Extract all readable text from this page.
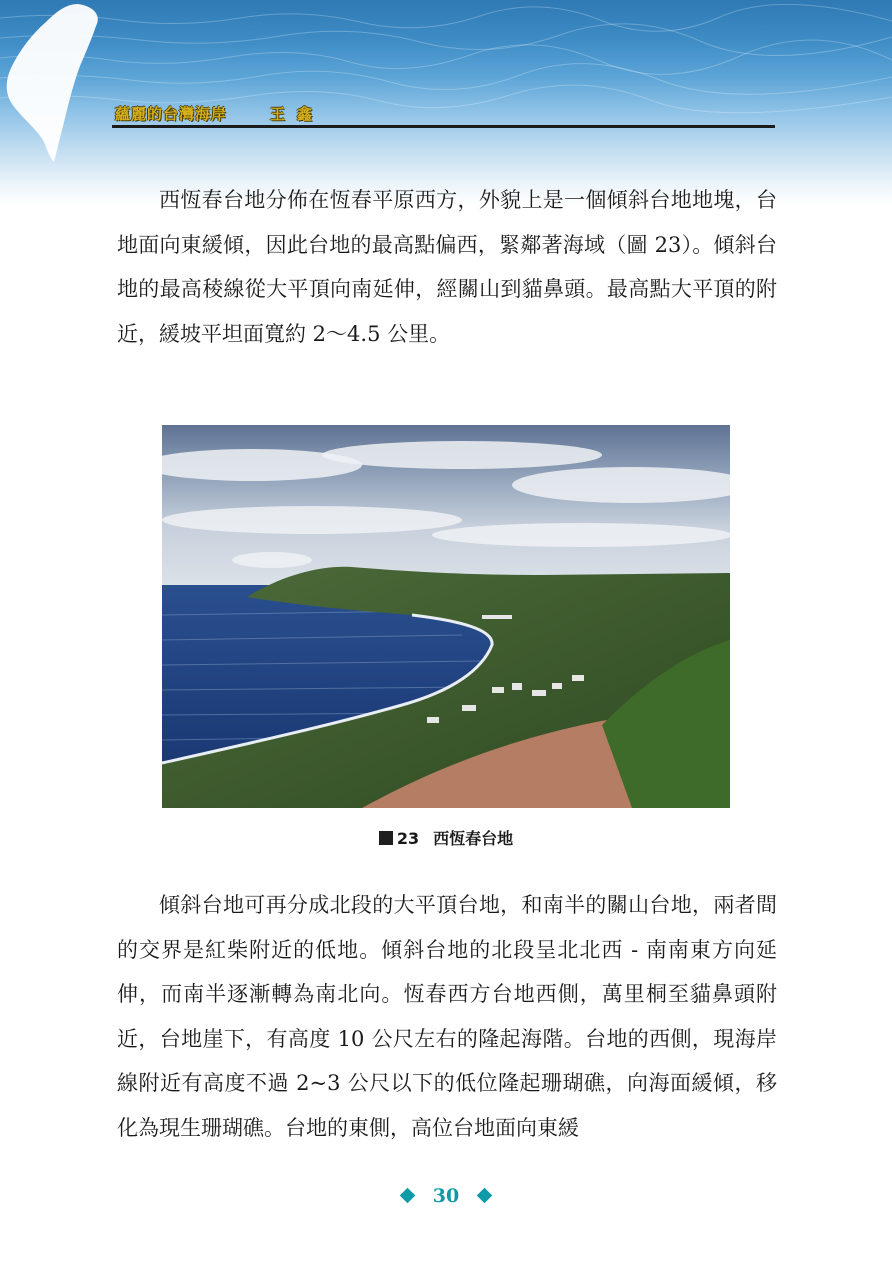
蘊麗的台灣海岸	王鑫

西恆春台地分佈在恆春平原西方，外貌上是一個傾斜台地地塊，台地面向東緩傾，因此台地的最高點偏西，緊鄰著海域（圖 23）。傾斜台地的最高稜線從大平頂向南延伸，經關山到貓鼻頭。最高點大平頂的附近，緩坡平坦面寬約 2～4.5 公里。

23 西恆春台地

傾斜台地可再分成北段的大平頂台地，和南半的關山台地，兩者間的交界是紅柴附近的低地。傾斜台地的北段呈北北西 - 南南東方向延伸，而南半逐漸轉為南北向。恆春西方台地西側，萬里桐至貓鼻頭附近，台地崖下，有高度 10 公尺左右的隆起海階。台地的西側，現海岸線附近有高度不過 2~3 公尺以下的低位隆起珊瑚礁，向海面緩傾，移化為現生珊瑚礁。台地的東側，高位台地面向東緩

30
